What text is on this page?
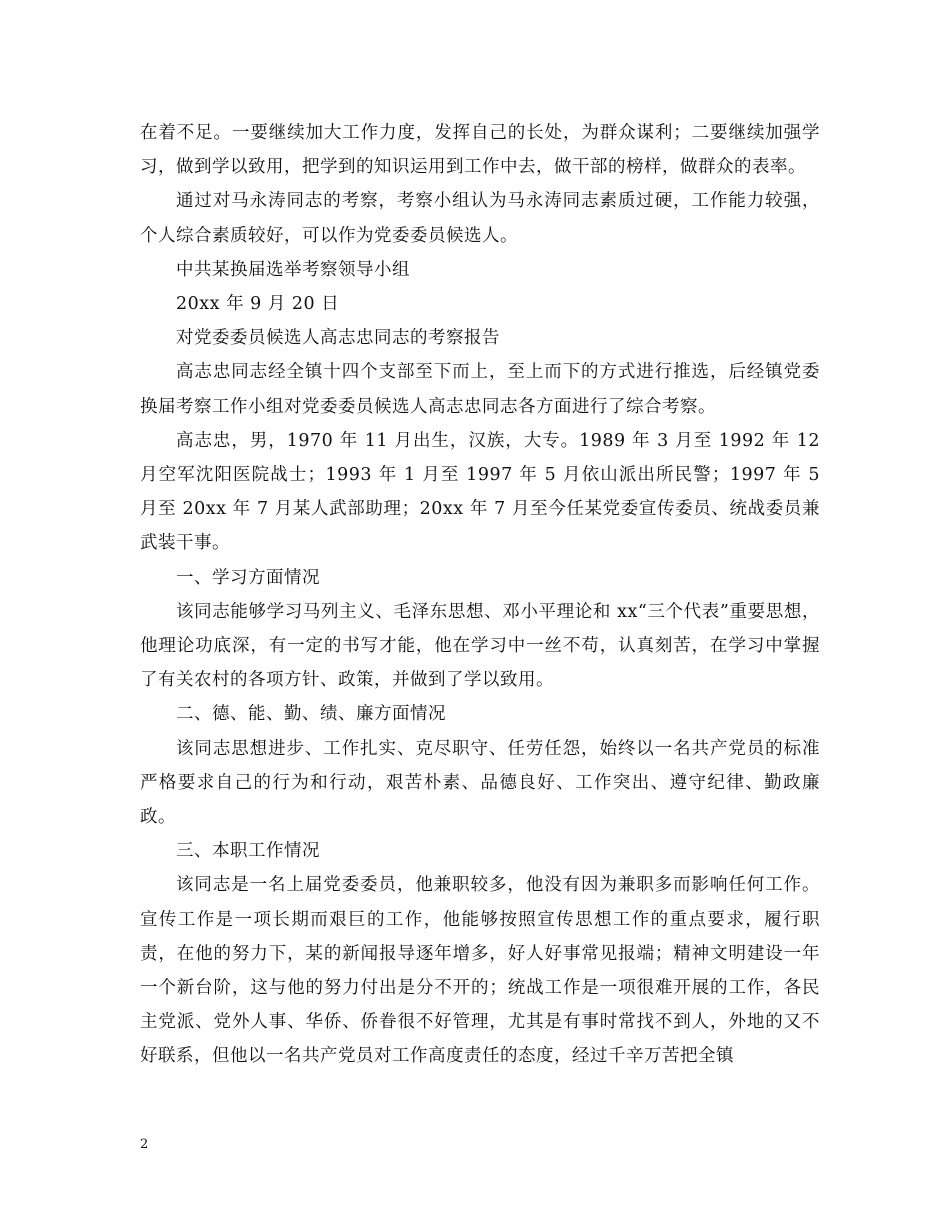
在着不足。一要继续加大工作力度，发挥自己的长处，为群众谋利；二要继续加强学习，做到学以致用，把学到的知识运用到工作中去，做干部的榜样，做群众的表率。

通过对马永涛同志的考察，考察小组认为马永涛同志素质过硬，工作能力较强，个人综合素质较好，可以作为党委委员候选人。

中共某换届选举考察领导小组

20xx 年 9 月 20 日

对党委委员候选人高志忠同志的考察报告

高志忠同志经全镇十四个支部至下而上，至上而下的方式进行推选，后经镇党委换届考察工作小组对党委委员候选人高志忠同志各方面进行了综合考察。

高志忠，男，1970 年 11 月出生，汉族，大专。1989 年 3 月至 1992 年 12 月空军沈阳医院战士；1993 年 1 月至 1997 年 5 月依山派出所民警；1997 年 5 月至 20xx 年 7 月某人武部助理；20xx 年 7 月至今任某党委宣传委员、统战委员兼武装干事。

一、学习方面情况

该同志能够学习马列主义、毛泽东思想、邓小平理论和 xx“三个代表”重要思想，他理论功底深，有一定的书写才能，他在学习中一丝不苟，认真刻苦，在学习中掌握了有关农村的各项方针、政策，并做到了学以致用。

二、德、能、勤、绩、廉方面情况

该同志思想进步、工作扎实、克尽职守、任劳任怨，始终以一名共产党员的标准严格要求自己的行为和行动，艰苦朴素、品德良好、工作突出、遵守纪律、勤政廉政。

三、本职工作情况

该同志是一名上届党委委员，他兼职较多，他没有因为兼职多而影响任何工作。宣传工作是一项长期而艰巨的工作，他能够按照宣传思想工作的重点要求，履行职责，在他的努力下，某的新闻报导逐年增多，好人好事常见报端；精神文明建设一年一个新台阶，这与他的努力付出是分不开的；统战工作是一项很难开展的工作，各民主党派、党外人事、华侨、侨眷很不好管理，尤其是有事时常找不到人，外地的又不好联系，但他以一名共产党员对工作高度责任的态度，经过千辛万苦把全镇

2
